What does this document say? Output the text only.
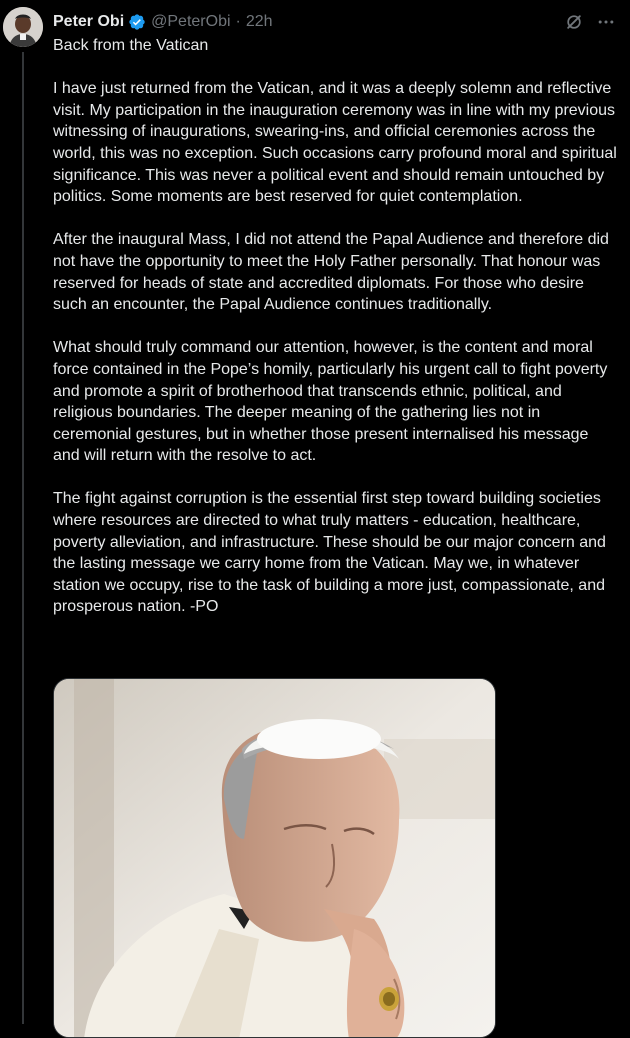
Peter Obi @PeterObi · 22h

Back from the Vatican

I have just returned from the Vatican, and it was a deeply solemn and reflective visit. My participation in the inauguration ceremony was in line with my previous witnessing of inaugurations, swearing-ins, and official ceremonies across the world, this was no exception. Such occasions carry profound moral and spiritual significance. This was never a political event and should remain untouched by politics. Some moments are best reserved for quiet contemplation.

After the inaugural Mass, I did not attend the Papal Audience and therefore did not have the opportunity to meet the Holy Father personally. That honour was reserved for heads of state and accredited diplomats. For those who desire such an encounter, the Papal Audience continues traditionally.

What should truly command our attention, however, is the content and moral force contained in the Pope’s homily, particularly his urgent call to fight poverty and promote a spirit of brotherhood that transcends ethnic, political, and religious boundaries. The deeper meaning of the gathering lies not in ceremonial gestures, but in whether those present internalised his message and will return with the resolve to act.

The fight against corruption is the essential first step toward building societies where resources are directed to what truly matters - education, healthcare, poverty alleviation, and infrastructure. These should be our major concern and the lasting message we carry home from the Vatican. May we, in whatever station we occupy, rise to the task of building a more just, compassionate, and prosperous nation. -PO
